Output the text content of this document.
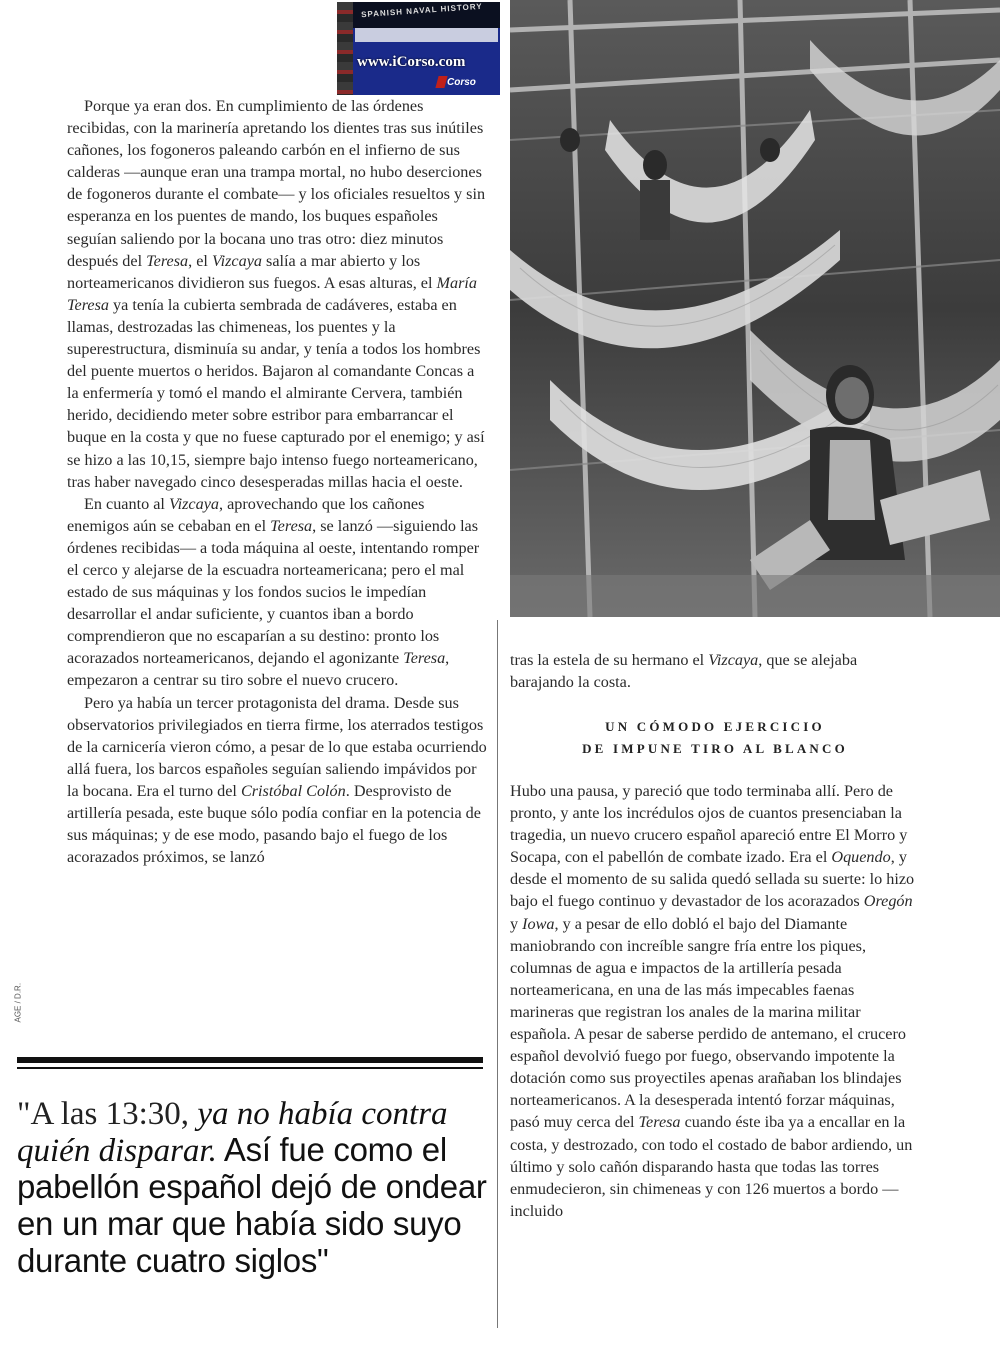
SPANISH NAVAL HISTORY
www.iCorso.com
Corso

Porque ya eran dos. En cumplimiento de las órdenes recibidas, con la marinería apretando los dientes tras sus inútiles cañones, los fogoneros paleando carbón en el infierno de sus calderas —aunque eran una trampa mortal, no hubo deserciones de fogoneros durante el combate— y los oficiales resueltos y sin esperanza en los puentes de mando, los buques españoles seguían saliendo por la bocana uno tras otro: diez minutos después del Teresa, el Vizcaya salía a mar abierto y los norteamericanos dividieron sus fuegos. A esas alturas, el María Teresa ya tenía la cubierta sembrada de cadáveres, estaba en llamas, destrozadas las chimeneas, los puentes y la superestructura, disminuía su andar, y tenía a todos los hombres del puente muertos o heridos. Bajaron al comandante Concas a la enfermería y tomó el mando el almirante Cervera, también herido, decidiendo meter sobre estribor para embarrancar el buque en la costa y que no fuese capturado por el enemigo; y así se hizo a las 10,15, siempre bajo intenso fuego norteamericano, tras haber navegado cinco desesperadas millas hacia el oeste.

En cuanto al Vizcaya, aprovechando que los cañones enemigos aún se cebaban en el Teresa, se lanzó —siguiendo las órdenes recibidas— a toda máquina al oeste, intentando romper el cerco y alejarse de la escuadra norteamericana; pero el mal estado de sus máquinas y los fondos sucios le impedían desarrollar el andar suficiente, y cuantos iban a bordo comprendieron que no escaparían a su destino: pronto los acorazados norteamericanos, dejando el agonizante Teresa, empezaron a centrar su tiro sobre el nuevo crucero.

Pero ya había un tercer protagonista del drama. Desde sus observatorios privilegiados en tierra firme, los aterrados testigos de la carnicería vieron cómo, a pesar de lo que estaba ocurriendo allá fuera, los barcos españoles seguían saliendo impávidos por la bocana. Era el turno del Cristóbal Colón. Desprovisto de artillería pesada, este buque sólo podía confiar en la potencia de sus máquinas; y de ese modo, pasando bajo el fuego de los acorazados próximos, se lanzó

AGE / D.R.
"A las 13:30, ya no había contra quién disparar. Así fue como el pabellón español dejó de ondear en un mar que había sido suyo durante cuatro siglos"

tras la estela de su hermano el Vizcaya, que se alejaba barajando la costa.

UN CÓMODO EJERCICIO
DE IMPUNE TIRO AL BLANCO

Hubo una pausa, y pareció que todo terminaba allí. Pero de pronto, y ante los incrédulos ojos de cuantos presenciaban la tragedia, un nuevo crucero español apareció entre El Morro y Socapa, con el pabellón de combate izado. Era el Oquendo, y desde el momento de su salida quedó sellada su suerte: lo hizo bajo el fuego continuo y devastador de los acorazados Oregón y Iowa, y a pesar de ello dobló el bajo del Diamante maniobrando con increíble sangre fría entre los piques, columnas de agua e impactos de la artillería pesada norteamericana, en una de las más impecables faenas marineras que registran los anales de la marina militar española. A pesar de saberse perdido de antemano, el crucero español devolvió fuego por fuego, observando impotente la dotación como sus proyectiles apenas arañaban los blindajes norteamericanos. A la desesperada intentó forzar máquinas, pasó muy cerca del Teresa cuando éste iba ya a encallar en la costa, y destrozado, con todo el costado de babor ardiendo, un último y solo cañón disparando hasta que todas las torres enmudecieron, sin chimeneas y con 126 muertos a bordo —incluido
